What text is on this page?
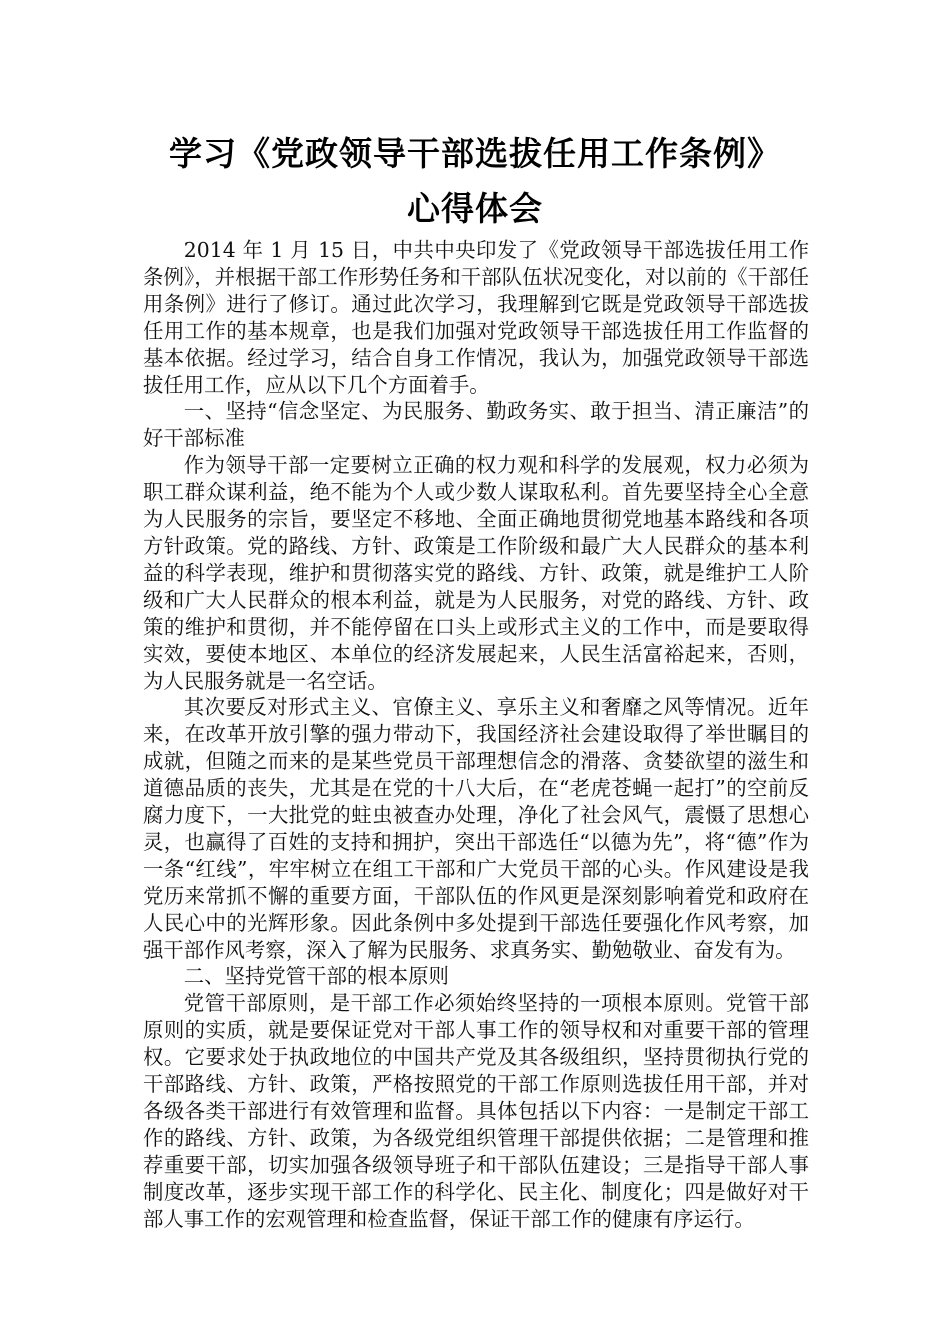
学习《党政领导干部选拔任用工作条例》
心得体会

2014 年 1 月 15 日，中共中央印发了《党政领导干部选拔任用工作条例》，并根据干部工作形势任务和干部队伍状况变化，对以前的《干部任用条例》进行了修订。通过此次学习，我理解到它既是党政领导干部选拔任用工作的基本规章，也是我们加强对党政领导干部选拔任用工作监督的基本依据。经过学习，结合自身工作情况，我认为，加强党政领导干部选拔任用工作，应从以下几个方面着手。

一、坚持“信念坚定、为民服务、勤政务实、敢于担当、清正廉洁”的好干部标准

作为领导干部一定要树立正确的权力观和科学的发展观，权力必须为职工群众谋利益，绝不能为个人或少数人谋取私利。首先要坚持全心全意为人民服务的宗旨，要坚定不移地、全面正确地贯彻党地基本路线和各项方针政策。党的路线、方针、政策是工作阶级和最广大人民群众的基本利益的科学表现，维护和贯彻落实党的路线、方针、政策，就是维护工人阶级和广大人民群众的根本利益，就是为人民服务，对党的路线、方针、政策的维护和贯彻，并不能停留在口头上或形式主义的工作中，而是要取得实效，要使本地区、本单位的经济发展起来，人民生活富裕起来，否则，为人民服务就是一名空话。

其次要反对形式主义、官僚主义、享乐主义和奢靡之风等情况。近年来，在改革开放引擎的强力带动下，我国经济社会建设取得了举世瞩目的成就，但随之而来的是某些党员干部理想信念的滑落、贪婪欲望的滋生和道德品质的丧失，尤其是在党的十八大后，在“老虎苍蝇一起打”的空前反腐力度下，一大批党的蛀虫被查办处理，净化了社会风气，震慑了思想心灵，也赢得了百姓的支持和拥护，突出干部选任“以德为先”，将“德”作为一条“红线”，牢牢树立在组工干部和广大党员干部的心头。作风建设是我党历来常抓不懈的重要方面，干部队伍的作风更是深刻影响着党和政府在人民心中的光辉形象。因此条例中多处提到干部选任要强化作风考察，加强干部作风考察，深入了解为民服务、求真务实、勤勉敬业、奋发有为。

二、坚持党管干部的根本原则

党管干部原则，是干部工作必须始终坚持的一项根本原则。党管干部原则的实质，就是要保证党对干部人事工作的领导权和对重要干部的管理权。它要求处于执政地位的中国共产党及其各级组织，坚持贯彻执行党的干部路线、方针、政策，严格按照党的干部工作原则选拔任用干部，并对各级各类干部进行有效管理和监督。具体包括以下内容：一是制定干部工作的路线、方针、政策，为各级党组织管理干部提供依据；二是管理和推荐重要干部，切实加强各级领导班子和干部队伍建设；三是指导干部人事制度改革，逐步实现干部工作的科学化、民主化、制度化；四是做好对干部人事工作的宏观管理和检查监督，保证干部工作的健康有序运行。
